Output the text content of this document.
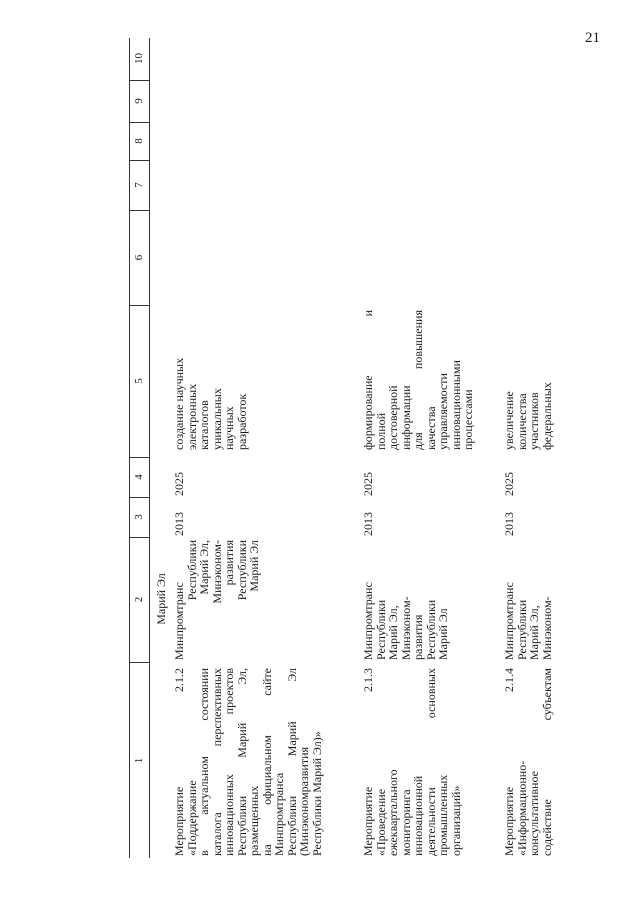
21
1
2
3
4
5
6
7
8
9
10
Марий Эл
Мероприятие 2.1.2
«Поддержание
в актуальном состоянии
каталога перспективных
инновационных проектов
Республики Марий Эл,
размещенных
на официальном сайте
Минпромтранса
Республики Марий Эл
(Минэкономразвития
Республики Марий Эл)»
Минпромтранс
Республики
Марий Эл,
Минэконом-
развития
Республики
Марий Эл
2013
2025
создание научных
электронных
каталогов
уникальных
научных
разработок
Мероприятие 2.1.3
«Проведение
ежеквартального
мониторинга
инновационной
деятельности основных
промышленных
организаций»
Минпромтранс
Республики
Марий Эл,
Минэконом-
развития
Республики
Марий Эл
2013
2025
формирование и
полной
достоверной
информации
для повышения
качества
управляемости
инновационными
процессами
Мероприятие 2.1.4
«Информационно-
консультативное
содействие субъектам
Минпромтранс
Республики
Марий Эл,
Минэконом-
2013
2025
увеличение
количества
участников
федеральных
